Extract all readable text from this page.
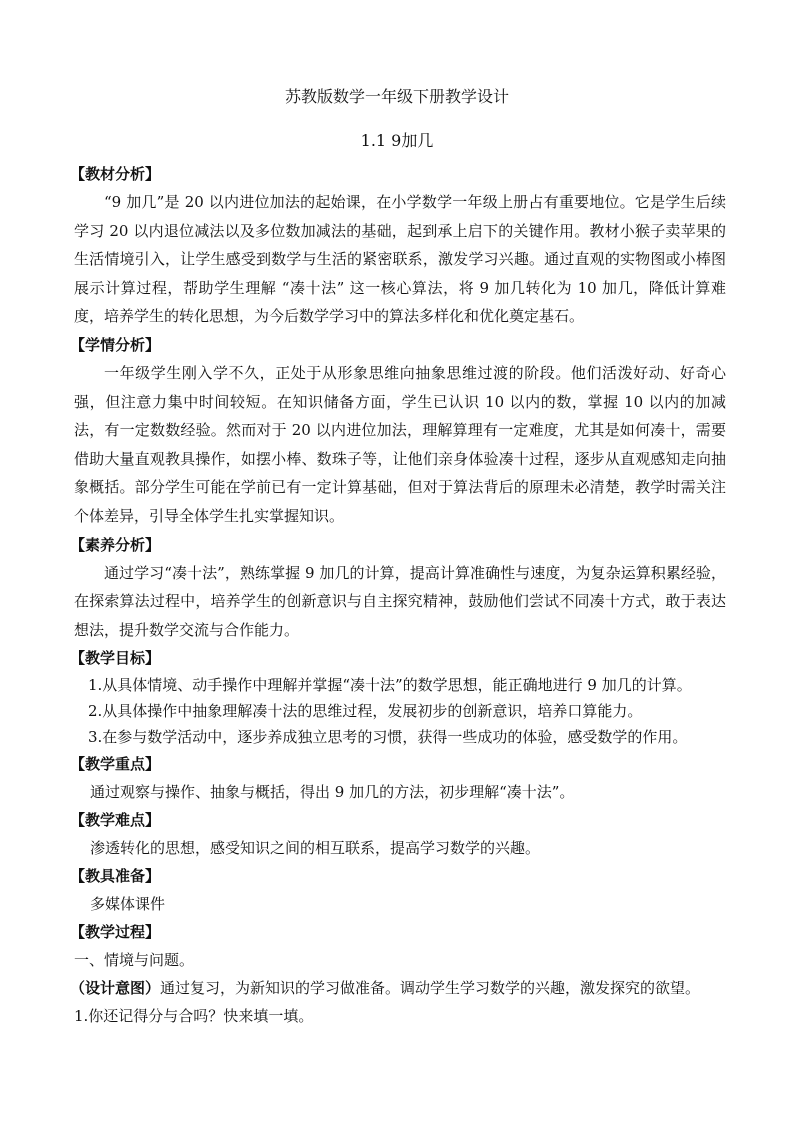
苏教版数学一年级下册教学设计
1.1 9加几
【教材分析】
“9 加几”是 20 以内进位加法的起始课，在小学数学一年级上册占有重要地位。它是学生后续学习 20 以内退位减法以及多位数加减法的基础，起到承上启下的关键作用。教材小猴子卖苹果的生活情境引入，让学生感受到数学与生活的紧密联系，激发学习兴趣。通过直观的实物图或小棒图展示计算过程，帮助学生理解 “凑十法” 这一核心算法，将 9 加几转化为 10 加几，降低计算难度，培养学生的转化思想，为今后数学学习中的算法多样化和优化奠定基石。
【学情分析】
一年级学生刚入学不久，正处于从形象思维向抽象思维过渡的阶段。他们活泼好动、好奇心强，但注意力集中时间较短。在知识储备方面，学生已认识 10 以内的数，掌握 10 以内的加减法，有一定数数经验。然而对于 20 以内进位加法，理解算理有一定难度，尤其是如何凑十，需要借助大量直观教具操作，如摆小棒、数珠子等，让他们亲身体验凑十过程，逐步从直观感知走向抽象概括。部分学生可能在学前已有一定计算基础，但对于算法背后的原理未必清楚，教学时需关注个体差异，引导全体学生扎实掌握知识。
【素养分析】
通过学习“凑十法”，熟练掌握 9 加几的计算，提高计算准确性与速度，为复杂运算积累经验，在探索算法过程中，培养学生的创新意识与自主探究精神，鼓励他们尝试不同凑十方式，敢于表达想法，提升数学交流与合作能力。
【教学目标】
1.从具体情境、动手操作中理解并掌握“凑十法”的数学思想，能正确地进行 9 加几的计算。
2.从具体操作中抽象理解凑十法的思维过程，发展初步的创新意识，培养口算能力。
3.在参与数学活动中，逐步养成独立思考的习惯，获得一些成功的体验，感受数学的作用。
【教学重点】
通过观察与操作、抽象与概括，得出 9 加几的方法，初步理解“凑十法”。
【教学难点】
渗透转化的思想，感受知识之间的相互联系，提高学习数学的兴趣。
【教具准备】
多媒体课件
【教学过程】
一、情境与问题。
（设计意图）通过复习，为新知识的学习做准备。调动学生学习数学的兴趣，激发探究的欲望。
1.你还记得分与合吗？快来填一填。
